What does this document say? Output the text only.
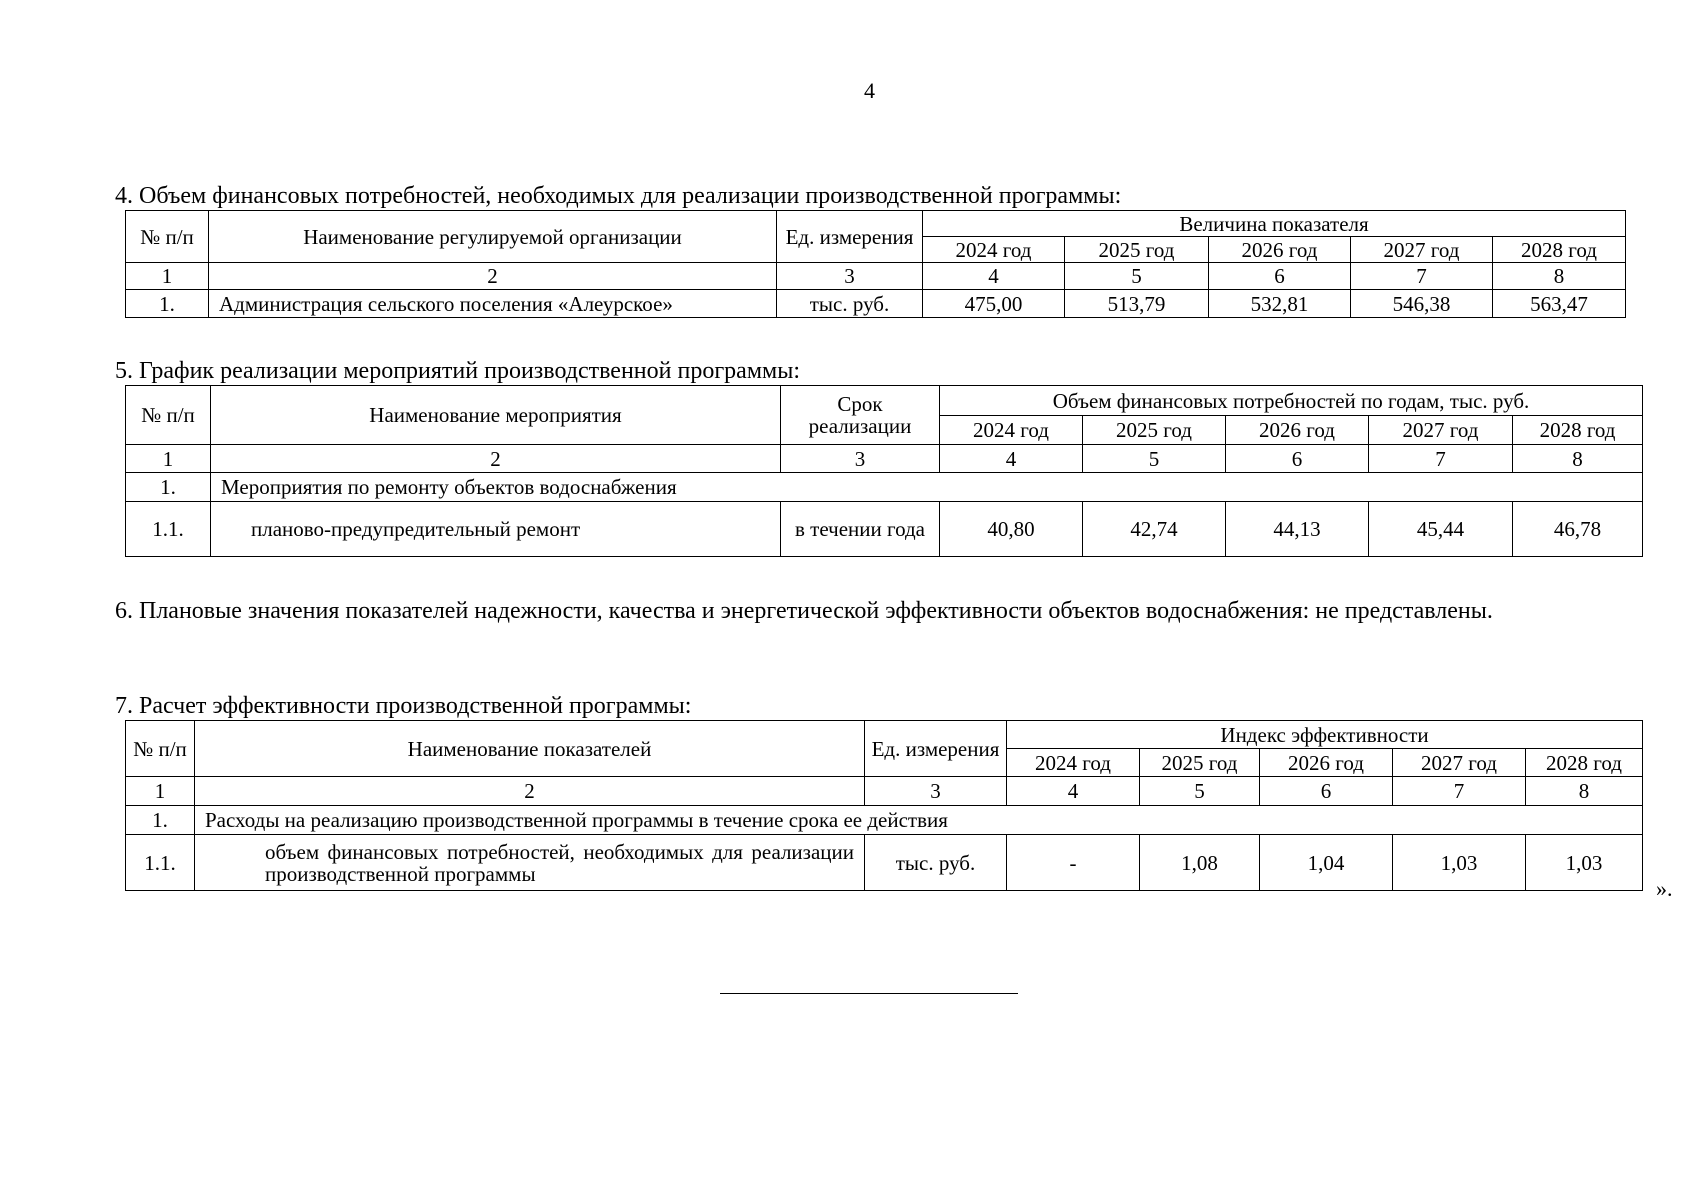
4
4. Объем финансовых потребностей, необходимых для реализации производственной программы:
№ п/п	Наименование регулируемой организации	Ед. измерения	Величина показателя				
			2024 год	2025 год	2026 год	2027 год	2028 год
1	2	3	4	5	6	7	8
1.	Администрация сельского поселения «Алеурское»	тыс. руб.	475,00	513,79	532,81	546,38	563,47
5. График реализации мероприятий производственной программы:
№ п/п	Наименование мероприятия	Срок реализации	Объем финансовых потребностей по годам, тыс. руб.				
			2024 год	2025 год	2026 год	2027 год	2028 год
1	2	3	4	5	6	7	8
1.	Мероприятия по ремонту объектов водоснабжения						
1.1.	планово-предупредительный ремонт	в течении года	40,80	42,74	44,13	45,44	46,78
6. Плановые значения показателей надежности, качества и энергетической эффективности объектов водоснабжения: не представлены.
7. Расчет эффективности производственной программы:
№ п/п	Наименование показателей	Ед. измерения	Индекс эффективности				
			2024 год	2025 год	2026 год	2027 год	2028 год
1	2	3	4	5	6	7	8
1.	Расходы на реализацию производственной программы в течение срока ее действия						
1.1.	объем финансовых потребностей, необходимых для реализации производственной программы	тыс. руб.	-	1,08	1,04	1,03	1,03
».
